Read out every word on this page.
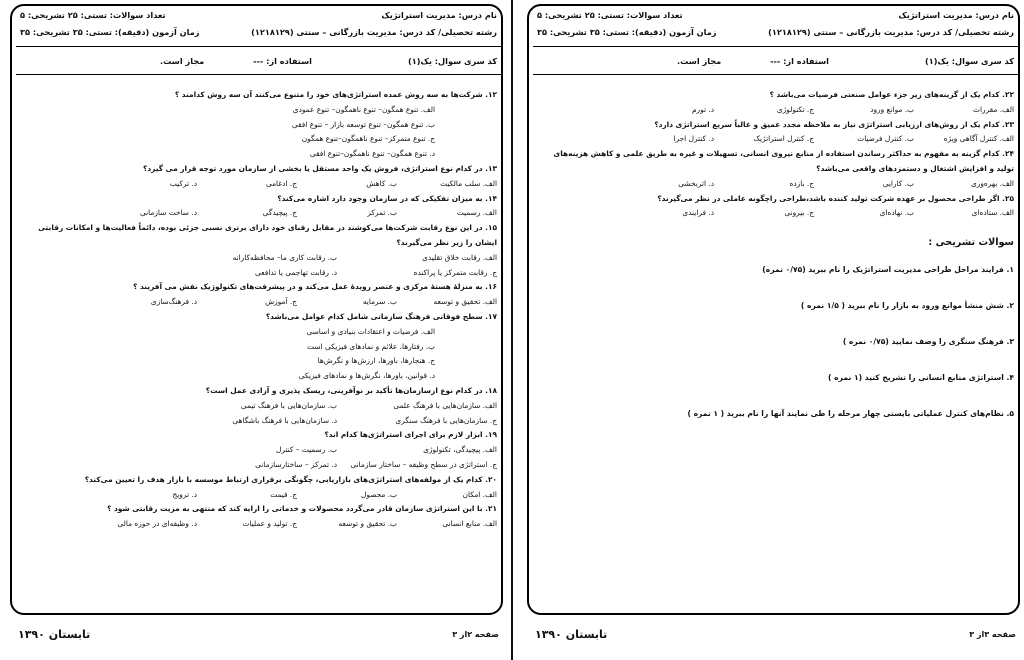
نام درس: مدیریت استراتژیک
تعداد سوالات: تستی: ۲۵ تشریحی: ۵
رشته تحصیلی/ کد درس: مدیریت بازرگانی – سنتی (۱۲۱۸۱۲۹)
زمان آزمون (دقیقه): تستی: ۳۵ تشریحی: ۳۵
کد سری سوال: یک(۱)
استفاده از: ---
مجاز است.
۲۲. کدام یک از گزینه‌های زیر جزء عوامل صنعتی فرضیات می‌باشد ؟
الف. مقررات
ب. موانع ورود
ج. تکنولوژی
د. تورم
۲۳. کدام یک از روش‌های ارزیابی استراتژی نیاز به ملاحظه مجدد عمیق و غالباً سریع استراتژی دارد؟
الف. کنترل آگاهی ویژه
ب. کنترل فرضیات
ج. کنترل استراتژیک
د. کنترل اجرا
۲۴. کدام گزینه به مفهوم به حداکثر رساندن استفاده از منابع نیروی انسانی، تسهیلات و غیره به طریق علمی و کاهش هزینه‌های
تولید و افزایش اشتغال و دستمزدهای واقعی می‌باشد؟
الف. بهره‌وری
ب. کارایی
ج. بازده
د. اثربخشی
۲۵. اگر طراحی محصول بر عهده شرکت تولید کننده باشد،طراحی راچگونه عاملی در نظر می‌گیرند؟
الف. ستاده‌ای
ب. نهاده‌ای
ج. بیرونی
د. فرایندی
سوالات تشریحی :
۱. فرایند مراحل طراحی مدیریت استراتژیک را نام ببرید (۰/۷۵ نمره)
۲. شش منشأ موانع ورود به بازار را نام ببرید ( ۱/۵ نمره )
۳. فرهنگ سنگری را وصف نمایید (۰/۷۵ نمره )
۴. استراتژی منابع انسانی را تشریح کنید (۱ نمره )
۵. نظام‌های کنترل عملیاتی بایستی چهار مرحله را طی نمایند آنها را نام ببرید ( ۱ نمره )
صفحه ۳از ۳
تابستان ۱۳۹۰
نام درس: مدیریت استراتژیک
تعداد سوالات: تستی: ۲۵ تشریحی: ۵
رشته تحصیلی/ کد درس: مدیریت بازرگانی – سنتی (۱۲۱۸۱۲۹)
زمان آزمون (دقیقه): تستی: ۳۵ تشریحی: ۳۵
کد سری سوال: یک(۱)
استفاده از: ---
مجاز است.
۱۲. شرکت‌ها به سه روش عمده استراتژی‌های خود را متنوع می‌کنند آن سه روش کدامند ؟
الف. تنوع همگون– تنوع ناهمگون– تنوع عمودی
ب. تنوع همگون– تنوع توسعه بازار – تنوع افقی
ج. تنوع متمرکز– تنوع ناهمگون–تنوع همگون
د. تنوع همگون– تنوع ناهمگون–تنوع افقی
۱۳. در کدام نوع استراتژی، فروش یک واحد مستقل یا بخشی از سازمان مورد توجه قرار می گیرد؟
الف. سلب مالکیت
ب. کاهش
ج. ادغامی
د. ترکیب
۱۴. به میزان تفکیکی که در سازمان وجود دارد اشاره می‌کند؟
الف. رسمیت
ب. تمرکز
ج. پیچیدگی
د. ساخت سازمانی
۱۵. در این نوع رقابت شرکت‌ها می‌کوشند در مقابل رقبای خود دارای برتری نسبی جزئی بوده، دائماً فعالیت‌ها و امکانات رقابتی
ایشان را زیر نظر می‌گیرند؟
الف. رقابت خلاق تقلیدی
ب. رقابت کاری ما– محافظه‌کارانه
ج. رقابت متمرکز یا پراکنده
د. رقابت تهاجمی یا تدافعی
۱۶. به منزلهٔ هستهٔ مرکزی و عنصر رویدهٔ عمل می‌کند و در پیشرفت‌های تکنولوژیک نقش می آفریند ؟
الف. تحقیق و توسعه
ب. سرمایه
ج. آموزش
د. فرهنگ‌سازی
۱۷. سطح فوقانی فرهنگ سازمانی شامل کدام عوامل می‌باشد؟
الف. فرضیات و اعتقادات بنیادی و اساسی
ب. رفتارها، علائم و نمادهای فیزیکی است
ج. هنجارها، باورها، ارزش‌ها و نگرش‌ها
د. قوانین، باورها، نگرش‌ها و نمادهای فیزیکی
۱۸. در کدام نوع ازسازمان‌ها تأکید بر نوآفرینی، ریسک پذیری و آزادی عمل است؟
الف. سازمان‌هایی با فرهنگ علمی
ب. سازمان‌هایی با فرهنگ تیمی
ج. سازمان‌هایی با فرهنگ سنگری
د. سازمان‌هایی با فرهنگ باشگاهی
۱۹. ابزار لازم برای اجرای استراتژی‌ها کدام اند؟
الف. پیچیدگی، تکنولوژی
ب. رسمیت – کنترل
ج. استراتژی در سطح وظیفه – ساختار سازمانی
د. تمرکز – ساختارسازمانی
۲۰. کدام یک از مولفه‌های استراتژی‌های بازاریابی، چگونگی برقراری ارتباط موسسه با بازار هدف را تعیین می‌کند؟
الف. امکان
ب. محصول
ج. قیمت
د. ترویج
۲۱. با این استراتژی سازمان قادر می‌گردد محصولات و خدماتی را ارایه کند که منتهی به مزیت رقابتی شود ؟
الف. منابع انسانی
ب. تحقیق و توسعه
ج. تولید و عملیات
د. وظیفه‌ای در حوزه مالی
صفحه ۲از ۳
تابستان ۱۳۹۰
